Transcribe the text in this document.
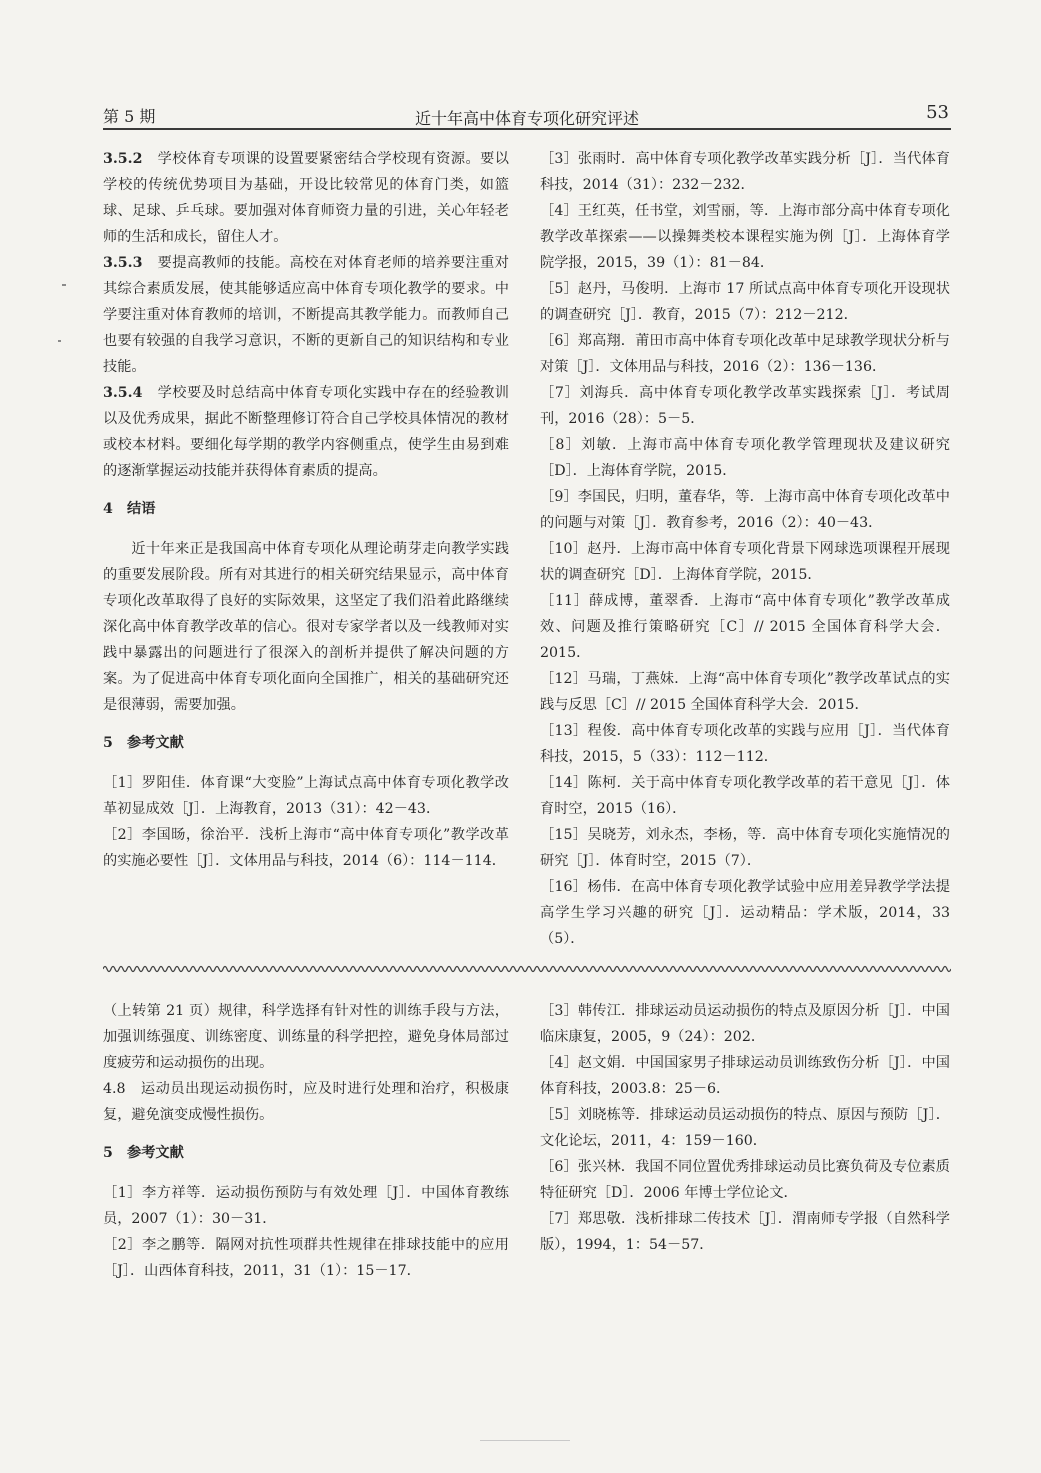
第 5 期	近十年高中体育专项化研究评述	53

3.5.2　 学校体育专项课的设置要紧密结合学校现有资源。要以学校的传统优势项目为基础，开设比较常见的体育门类，如篮球、足球、乒乓球。要加强对体育师资力量的引进，关心年轻老师的生活和成长，留住人才。

3.5.3　 要提高教师的技能。高校在对体育老师的培养要注重对其综合素质发展，使其能够适应高中体育专项化教学的要求。中学要注重对体育教师的培训，不断提高其教学能力。而教师自己也要有较强的自我学习意识，不断的更新自己的知识结构和专业技能。

3.5.4　 学校要及时总结高中体育专项化实践中存在的经验教训以及优秀成果，据此不断整理修订符合自己学校具体情况的教材或校本材料。要细化每学期的教学内容侧重点，使学生由易到难的逐渐掌握运动技能并获得体育素质的提高。

4　结语

近十年来正是我国高中体育专项化从理论萌芽走向教学实践的重要发展阶段。所有对其进行的相关研究结果显示，高中体育专项化改革取得了良好的实际效果，这坚定了我们沿着此路继续深化高中体育教学改革的信心。很对专家学者以及一线教师对实践中暴露出的问题进行了很深入的剖析并提供了解决问题的方案。为了促进高中体育专项化面向全国推广，相关的基础研究还是很薄弱，需要加强。

5　参考文献

［1］罗阳佳．体育课“大变脸”上海试点高中体育专项化教学改革初显成效［J］．上海教育，2013（31）：42－43．

［2］李国旸，徐治平．浅析上海市“高中体育专项化”教学改革的实施必要性［J］．文体用品与科技，2014（6）：114－114．

［3］张雨时．高中体育专项化教学改革实践分析［J］．当代体育科技，2014（31）：232－232．

［4］王红英，任书堂，刘雪丽，等．上海市部分高中体育专项化教学改革探索——以操舞类校本课程实施为例［J］．上海体育学院学报，2015，39（1）：81－84．

［5］赵丹，马俊明．上海市 17 所试点高中体育专项化开设现状的调查研究［J］．教育，2015（7）：212－212．

［6］郑高翔．莆田市高中体育专项化改革中足球教学现状分析与对策［J］．文体用品与科技，2016（2）：136－136．

［7］刘海兵．高中体育专项化教学改革实践探索［J］．考试周刊，2016（28）：5－5．

［8］刘敏．上海市高中体育专项化教学管理现状及建议研究［D］．上海体育学院，2015．

［9］李国民，归明，董春华，等．上海市高中体育专项化改革中的问题与对策［J］．教育参考，2016（2）：40－43．

［10］赵丹．上海市高中体育专项化背景下网球选项课程开展现状的调查研究［D］．上海体育学院，2015．

［11］薛成博，董翠香．上海市“高中体育专项化”教学改革成效、问题及推行策略研究［C］// 2015 全国体育科学大会．2015．

［12］马瑞，丁燕妹．上海“高中体育专项化”教学改革试点的实践与反思［C］// 2015 全国体育科学大会．2015．

［13］程俊．高中体育专项化改革的实践与应用［J］．当代体育科技，2015，5（33）：112－112．

［14］陈柯．关于高中体育专项化教学改革的若干意见［J］．体育时空，2015（16）．

［15］吴晓芳，刘永杰，李杨，等．高中体育专项化实施情况的研究［J］．体育时空，2015（7）．

［16］杨伟．在高中体育专项化教学试验中应用差异教学学法提高学生学习兴趣的研究［J］．运动精品：学术版，2014，33（5）．

（上转第 21 页）规律，科学选择有针对性的训练手段与方法，加强训练强度、训练密度、训练量的科学把控，避免身体局部过度疲劳和运动损伤的出现。

4.8　 运动员出现运动损伤时，应及时进行处理和治疗，积极康复，避免演变成慢性损伤。

5　参考文献

［1］李方祥等．运动损伤预防与有效处理［J］．中国体育教练员，2007（1）：30－31．

［2］李之鹏等．隔网对抗性项群共性规律在排球技能中的应用［J］．山西体育科技，2011，31（1）：15－17．

［3］韩传江．排球运动员运动损伤的特点及原因分析［J］．中国临床康复，2005，9（24）：202．

［4］赵文娟．中国国家男子排球运动员训练致伤分析［J］．中国体育科技，2003.8：25－6．

［5］刘晓栋等．排球运动员运动损伤的特点、原因与预防［J］．文化论坛，2011，4：159－160．

［6］张兴林．我国不同位置优秀排球运动员比赛负荷及专位素质特征研究［D］．2006 年博士学位论文．

［7］郑思敬．浅析排球二传技术［J］．渭南师专学报（自然科学版），1994，1：54－57．
